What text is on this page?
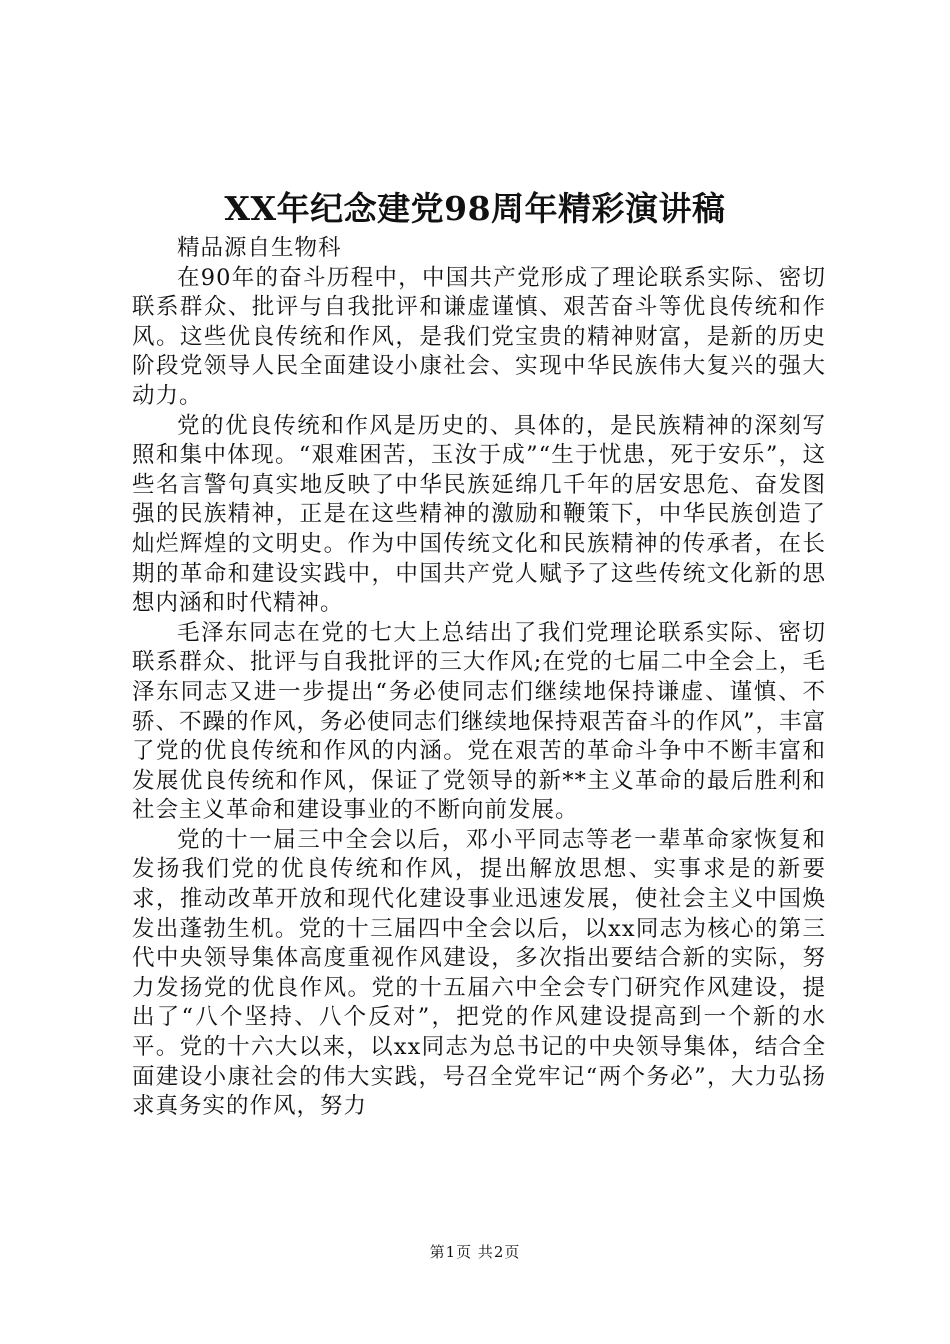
XX年纪念建党98周年精彩演讲稿

精品源自生物科

在90年的奋斗历程中，中国共产党形成了理论联系实际、密切联系群众、批评与自我批评和谦虚谨慎、艰苦奋斗等优良传统和作风。这些优良传统和作风，是我们党宝贵的精神财富，是新的历史阶段党领导人民全面建设小康社会、实现中华民族伟大复兴的强大动力。

党的优良传统和作风是历史的、具体的，是民族精神的深刻写照和集中体现。“艰难困苦，玉汝于成”“生于忧患，死于安乐”，这些名言警句真实地反映了中华民族延绵几千年的居安思危、奋发图强的民族精神，正是在这些精神的激励和鞭策下，中华民族创造了灿烂辉煌的文明史。作为中国传统文化和民族精神的传承者，在长期的革命和建设实践中，中国共产党人赋予了这些传统文化新的思想内涵和时代精神。

毛泽东同志在党的七大上总结出了我们党理论联系实际、密切联系群众、批评与自我批评的三大作风;在党的七届二中全会上，毛泽东同志又进一步提出“务必使同志们继续地保持谦虚、谨慎、不骄、不躁的作风，务必使同志们继续地保持艰苦奋斗的作风”，丰富了党的优良传统和作风的内涵。党在艰苦的革命斗争中不断丰富和发展优良传统和作风，保证了党领导的新**主义革命的最后胜利和社会主义革命和建设事业的不断向前发展。

党的十一届三中全会以后，邓小平同志等老一辈革命家恢复和发扬我们党的优良传统和作风，提出解放思想、实事求是的新要求，推动改革开放和现代化建设事业迅速发展，使社会主义中国焕发出蓬勃生机。党的十三届四中全会以后，以xx同志为核心的第三代中央领导集体高度重视作风建设，多次指出要结合新的实际，努力发扬党的优良作风。党的十五届六中全会专门研究作风建设，提出了“八个坚持、八个反对”，把党的作风建设提高到一个新的水平。党的十六大以来，以xx同志为总书记的中央领导集体，结合全面建设小康社会的伟大实践，号召全党牢记“两个务必”，大力弘扬求真务实的作风，努力

第1页 共2页
